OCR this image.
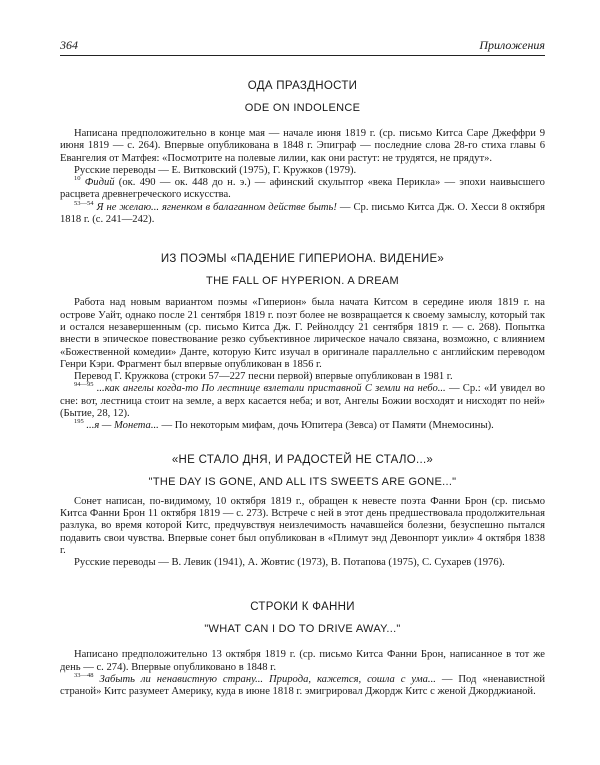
364	Приложения
ОДА ПРАЗДНОСТИ
ODE ON INDOLENCE

Написана предположительно в конце мая — начале июня 1819 г. (ср. письмо Китса Саре Джеффри 9 июня 1819 — с. 264). Впервые опубликована в 1848 г. Эпиграф — последние слова 28-го стиха главы 6 Евангелия от Матфея: «Посмотрите на полевые лилии, как они растут: не трудятся, не прядут».

Русские переводы — Е. Витковский (1975), Г. Кружков (1979).

$^{10}$ Фидий (ок. 490 — ок. 448 до н. э.) — афинский скульптор «века Перикла» — эпохи наивысшего расцвета древнегреческого искусства.

$^{53—54}$ Я не желаю... ягненком в балаганном действе быть! — Ср. письмо Китса Дж. О. Хесси 8 октября 1818 г. (с. 241—242).

ИЗ ПОЭМЫ «ПАДЕНИЕ ГИПЕРИОНА. ВИДЕНИЕ»
THE FALL OF HYPERION. A DREAM

Работа над новым вариантом поэмы «Гиперион» была начата Китсом в середине июля 1819 г. на острове Уайт, однако после 21 сентября 1819 г. поэт более не возвращается к своему замыслу, который так и остался незавершенным (ср. письмо Китса Дж. Г. Рейнолдсу 21 сентября 1819 г. — с. 268). Попытка внести в эпическое повествование резко субъективное лирическое начало связана, возможно, с влиянием «Божественной комедии» Данте, которую Китс изучал в оригинале параллельно с английским переводом Генри Кэри. Фрагмент был впервые опубликован в 1856 г.

Перевод Г. Кружкова (строки 57—227 песни первой) впервые опубликован в 1981 г.

$^{94—95}$ ...как ангелы когда-то По лестнице взлетали приставной С земли на небо... — Ср.: «И увидел во сне: вот, лестница стоит на земле, а верх касается неба; и вот, Ангелы Божии восходят и нисходят по ней» (Бытие, 28, 12).

$^{195}$ ...я — Монета... — По некоторым мифам, дочь Юпитера (Зевса) от Памяти (Мнемосины).

«НЕ СТАЛО ДНЯ, И РАДОСТЕЙ НЕ СТАЛО...»
"THE DAY IS GONE, AND ALL ITS SWEETS ARE GONE..."

Сонет написан, по-видимому, 10 октября 1819 г., обращен к невесте поэта Фанни Брон (ср. письмо Китса Фанни Брон 11 октября 1819 — с. 273). Встрече с ней в этот день предшествовала продолжительная разлука, во время которой Китс, предчувствуя неизлечимость начавшейся болезни, безуспешно пытался подавить свои чувства. Впервые сонет был опубликован в «Плимут энд Девонпорт уикли» 4 октября 1838 г.

Русские переводы — В. Левик (1941), А. Жовтис (1973), В. Потапова (1975), С. Сухарев (1976).

СТРОКИ К ФАННИ
"WHAT CAN I DO TO DRIVE AWAY..."

Написано предположительно 13 октября 1819 г. (ср. письмо Китса Фанни Брон, написанное в тот же день — с. 274). Впервые опубликовано в 1848 г.

$^{33—48}$ Забыть ли ненавистную страну... Природа, кажется, сошла с ума... — Под «ненавистной страной» Китс разумеет Америку, куда в июне 1818 г. эмигрировал Джордж Китс с женой Джорджианой.
